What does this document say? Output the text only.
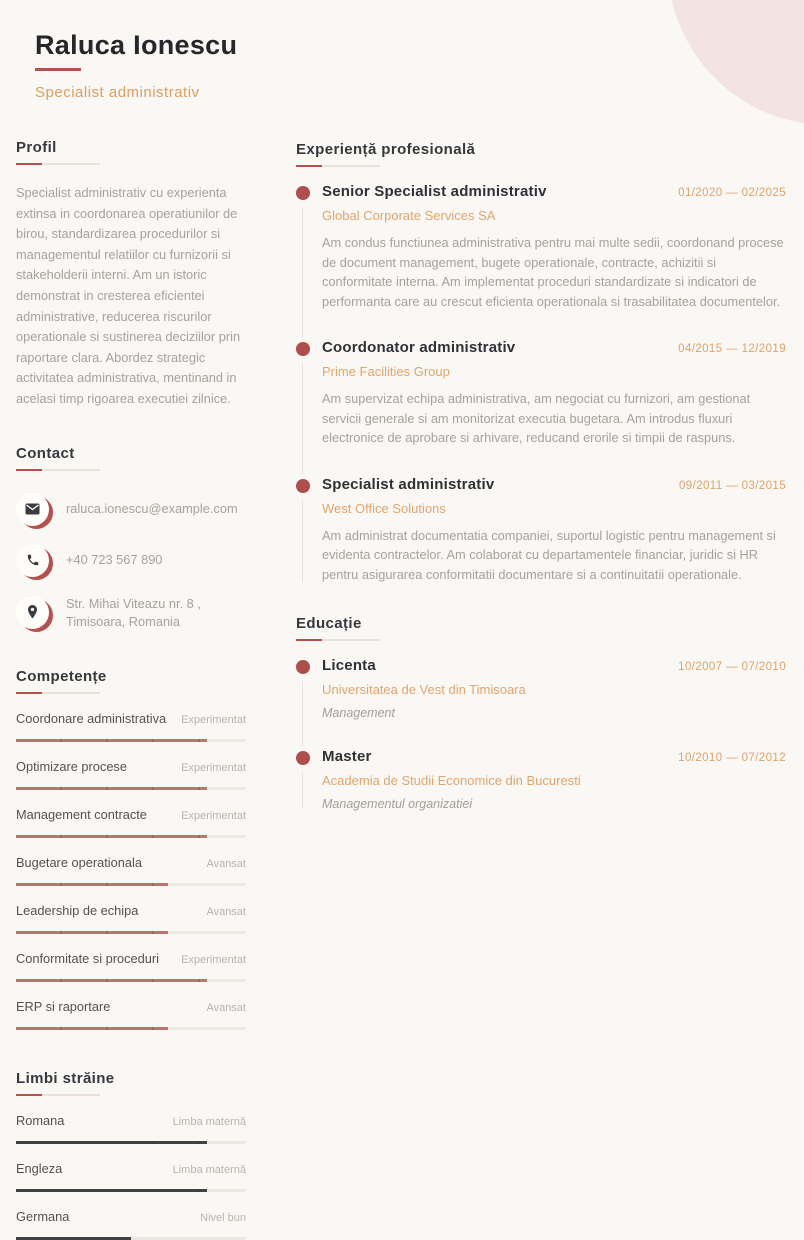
Raluca Ionescu
Specialist administrativ
Profil

Specialist administrativ cu experienta extinsa in coordonarea operatiunilor de birou, standardizarea procedurilor si managementul relatiilor cu furnizorii si stakeholderii interni. Am un istoric demonstrat in cresterea eficientei administrative, reducerea riscurilor operationale si sustinerea deciziilor prin raportare clara. Abordez strategic activitatea administrativa, mentinand in acelasi timp rigoarea executiei zilnice.

Contact
raluca.ionescu@example.com
+40 723 567 890
Str. Mihai Viteazu nr. 8 , Timisoara, Romania
Competențe
Coordonare administrativa Experimentat
Optimizare procese	Experimentat
Management contracte	Experimentat
Bugetare operationala	Avansat
Leadership de echipa	Avansat
Conformitate si proceduri Experimentat
ERP si raportare	Avansat
Limbi străine
Romana	Limba maternă
Engleza	Limba maternă
Germana	Nivel bun
Experiență profesională
Senior Specialist administrativ	01/2020 — 02/2025
Global Corporate Services SA

Am condus functiunea administrativa pentru mai multe sedii, coordonand procese de document management, bugete operationale, contracte, achizitii si conformitate interna. Am implementat proceduri standardizate si indicatori de performanta care au crescut eficienta operationala si trasabilitatea documentelor.

Coordonator administrativ	04/2015 — 12/2019
Prime Facilities Group

Am supervizat echipa administrativa, am negociat cu furnizori, am gestionat servicii generale si am monitorizat executia bugetara. Am introdus fluxuri electronice de aprobare si arhivare, reducand erorile si timpii de raspuns.

Specialist administrativ	09/2011 — 03/2015
West Office Solutions

Am administrat documentatia companiei, suportul logistic pentru management si evidenta contractelor. Am colaborat cu departamentele financiar, juridic si HR pentru asigurarea conformitatii documentare si a continuitatii operationale.

Educație
Licenta	10/2007 — 07/2010
Universitatea de Vest din Timisoara
Management
Master	10/2010 — 07/2012
Academia de Studii Economice din Bucuresti
Managementul organizatiei
